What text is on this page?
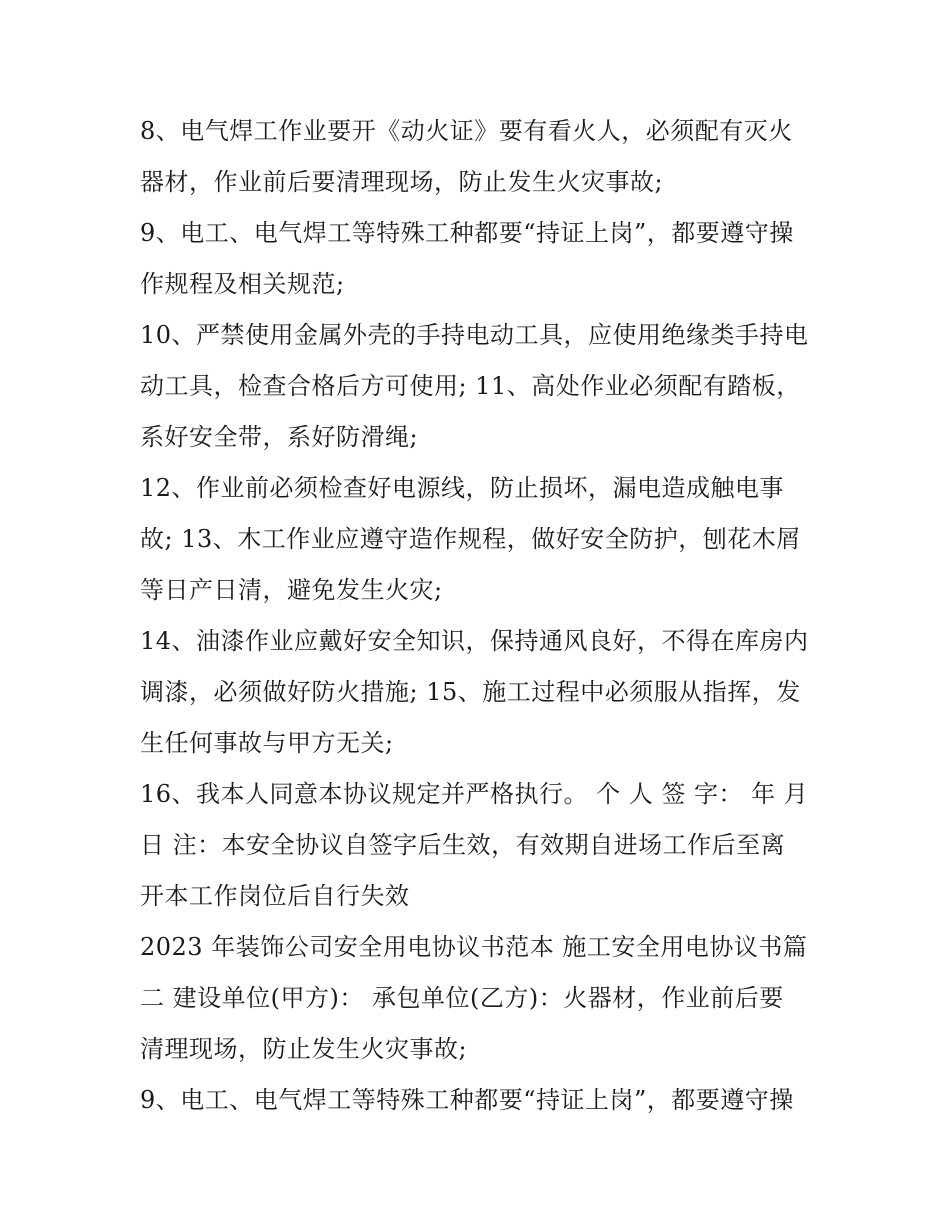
8、电气焊工作业要开《动火证》要有看火人，必须配有灭火
器材，作业前后要清理现场，防止发生火灾事故;

9、电工、电气焊工等特殊工种都要“持证上岗”，都要遵守操
作规程及相关规范;

10、严禁使用金属外壳的手持电动工具，应使用绝缘类手持电
动工具，检查合格后方可使用; 11、高处作业必须配有踏板，
系好安全带，系好防滑绳;

12、作业前必须检查好电源线，防止损坏，漏电造成触电事
故; 13、木工作业应遵守造作规程，做好安全防护，刨花木屑
等日产日清，避免发生火灾;

14、油漆作业应戴好安全知识，保持通风良好，不得在库房内
调漆，必须做好防火措施; 15、施工过程中必须服从指挥，发
生任何事故与甲方无关;

16、我本人同意本协议规定并严格执行。 个 人 签 字： 年 月
日 注：本安全协议自签字后生效，有效期自进场工作后至离
开本工作岗位后自行失效

2023 年装饰公司安全用电协议书范本 施工安全用电协议书篇
二 建设单位(甲方)： 承包单位(乙方)：火器材，作业前后要
清理现场，防止发生火灾事故;

9、电工、电气焊工等特殊工种都要“持证上岗”，都要遵守操
